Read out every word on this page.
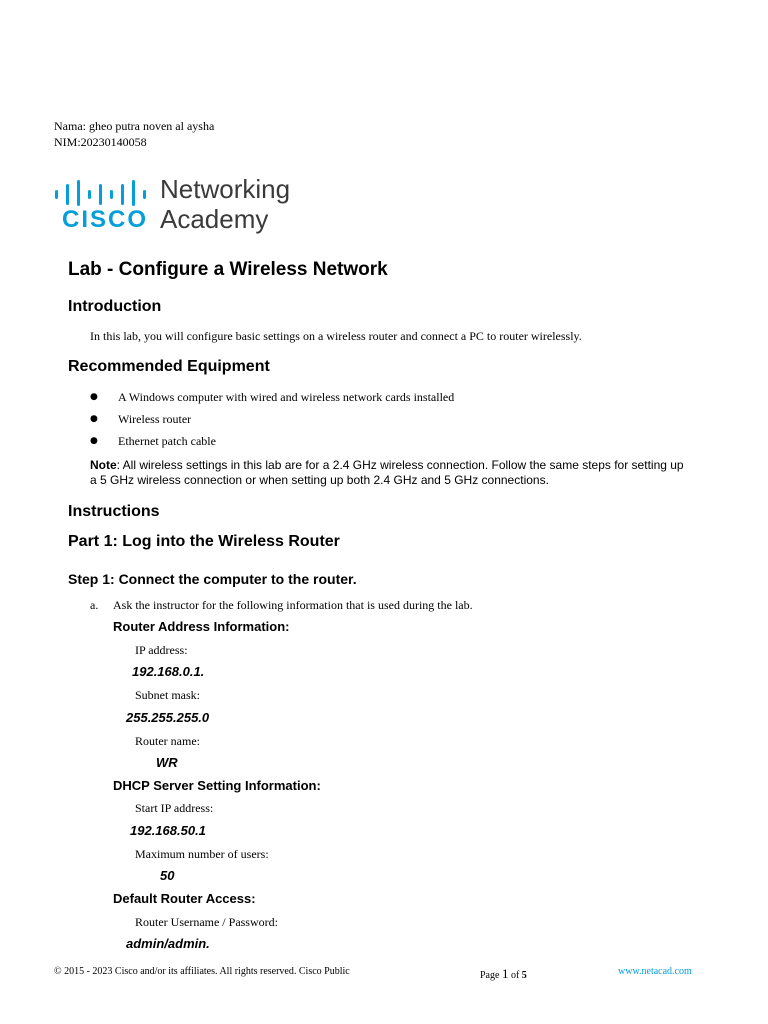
Nama: gheo putra noven al aysha
NIM:20230140058
Networking
CISCO Academy
Lab - Configure a Wireless Network
Introduction
In this lab, you will configure basic settings on a wireless router and connect a PC to router wirelessly.
Recommended Equipment
● A Windows computer with wired and wireless network cards installed
● Wireless router
● Ethernet patch cable
Note: All wireless settings in this lab are for a 2.4 GHz wireless connection. Follow the same steps for setting up a 5 GHz wireless connection or when setting up both 2.4 GHz and 5 GHz connections.
Instructions
Part 1: Log into the Wireless Router
Step 1: Connect the computer to the router.
a. Ask the instructor for the following information that is used during the lab.
Router Address Information:
IP address:
192.168.0.1.
Subnet mask:
255.255.255.0
Router name:
WR
DHCP Server Setting Information:
Start IP address:
192.168.50.1
Maximum number of users:
50
Default Router Access:
Router Username / Password:
admin/admin.
© 2015 - 2023 Cisco and/or its affiliates. All rights reserved. Cisco Public	Page 1 of 5	www.netacad.com
